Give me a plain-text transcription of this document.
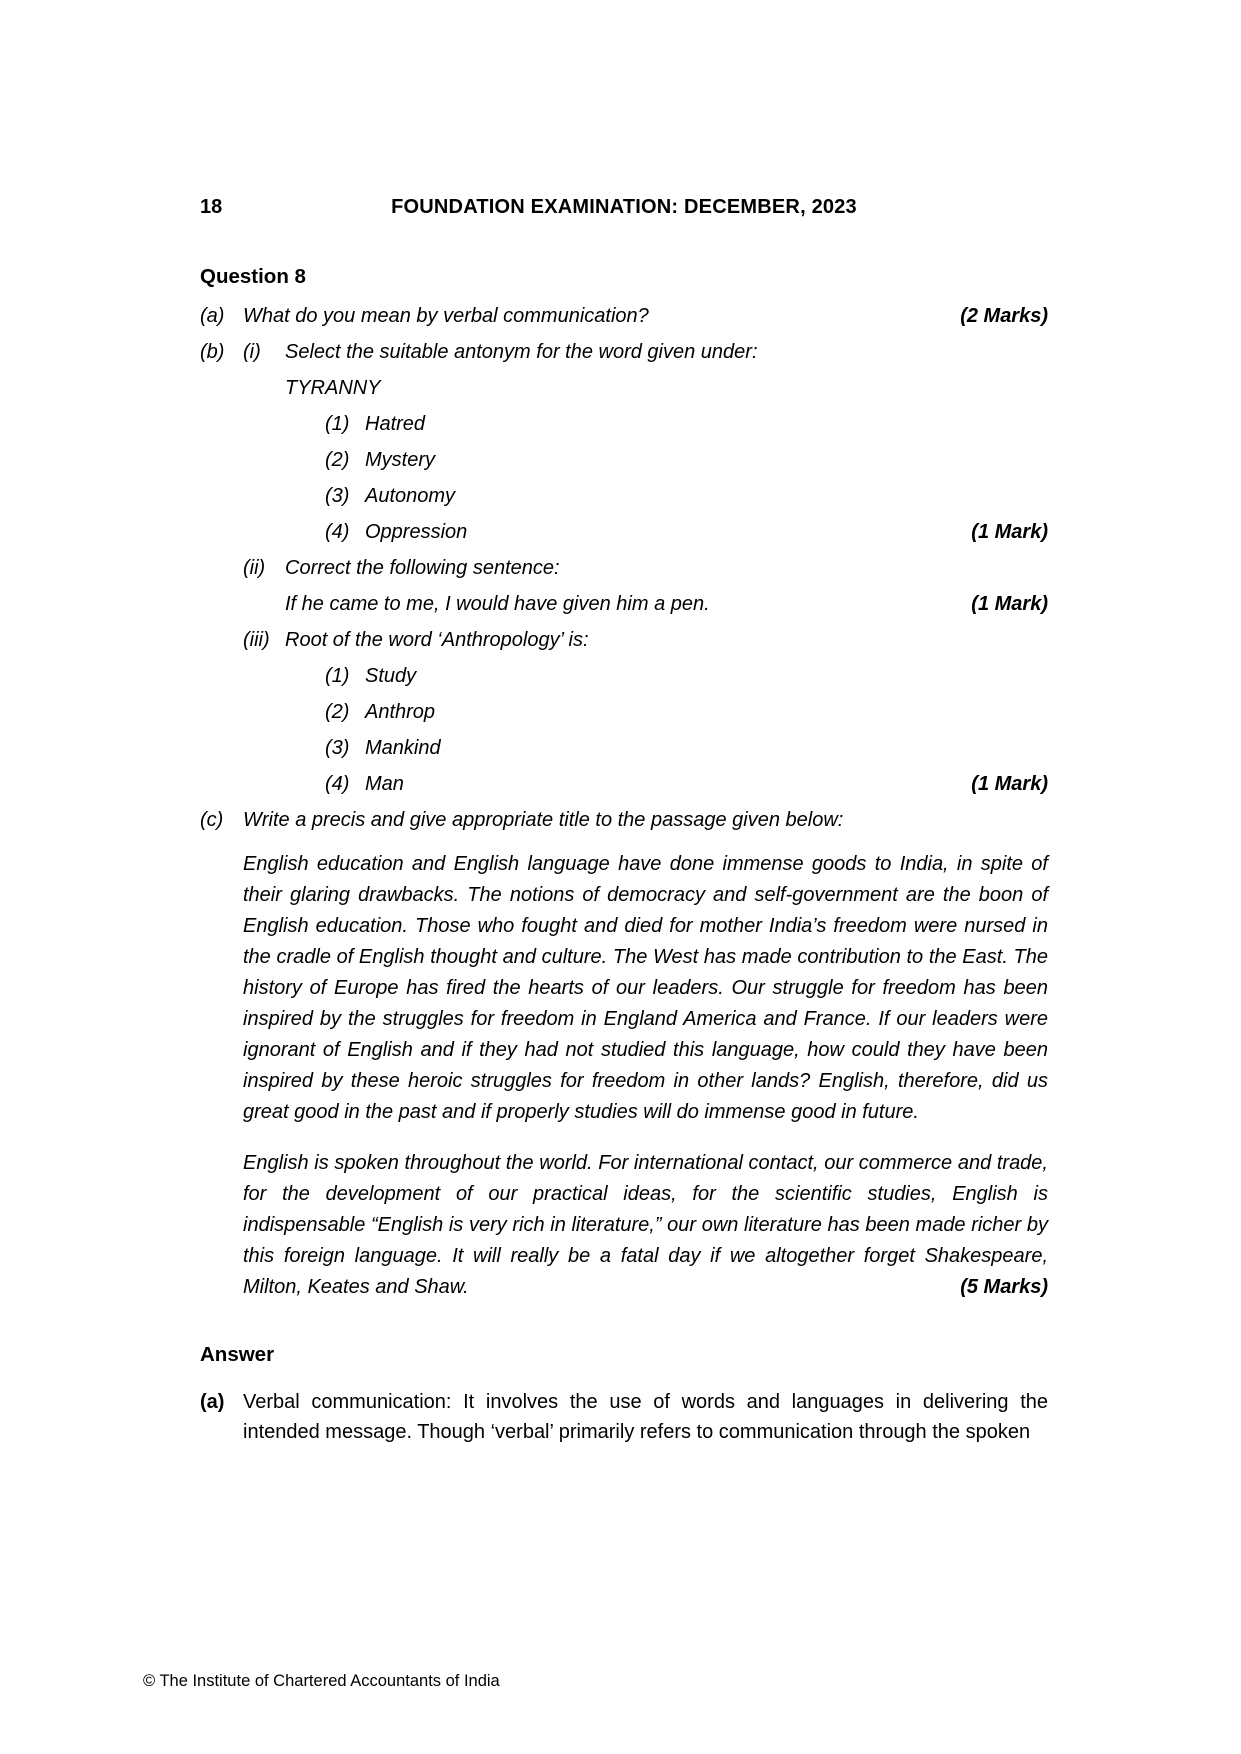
18	FOUNDATION EXAMINATION: DECEMBER, 2023
Question 8
(a) What do you mean by verbal communication?	(2 Marks)
(b) (i)	Select the suitable antonym for the word given under:
TYRANNY
(1) Hatred
(2) Mystery
(3) Autonomy
(4) Oppression	(1 Mark)
(ii) Correct the following sentence:
If he came to me, I would have given him a pen.	(1 Mark)
(iii) Root of the word ‘Anthropology’ is:
(1) Study
(2) Anthrop
(3) Mankind
(4) Man	(1 Mark)
(c) Write a precis and give appropriate title to the passage given below:
English education and English language have done immense goods to India, in spite of their glaring drawbacks. The notions of democracy and self-government are the boon of English education. Those who fought and died for mother India’s freedom were nursed in the cradle of English thought and culture. The West has made contribution to the East. The history of Europe has fired the hearts of our leaders. Our struggle for freedom has been inspired by the struggles for freedom in England America and France. If our leaders were ignorant of English and if they had not studied this language, how could they have been inspired by these heroic struggles for freedom in other lands? English, therefore, did us great good in the past and if properly studies will do immense good in future.
English is spoken throughout the world. For international contact, our commerce and trade, for the development of our practical ideas, for the scientific studies, English is indispensable “English is very rich in literature,” our own literature has been made richer by this foreign language. It will really be a fatal day if we altogether forget Shakespeare, Milton, Keates and Shaw.	(5 Marks)
Answer
(a) Verbal communication: It involves the use of words and languages in delivering the intended message. Though ‘verbal’ primarily refers to communication through the spoken
© The Institute of Chartered Accountants of India
